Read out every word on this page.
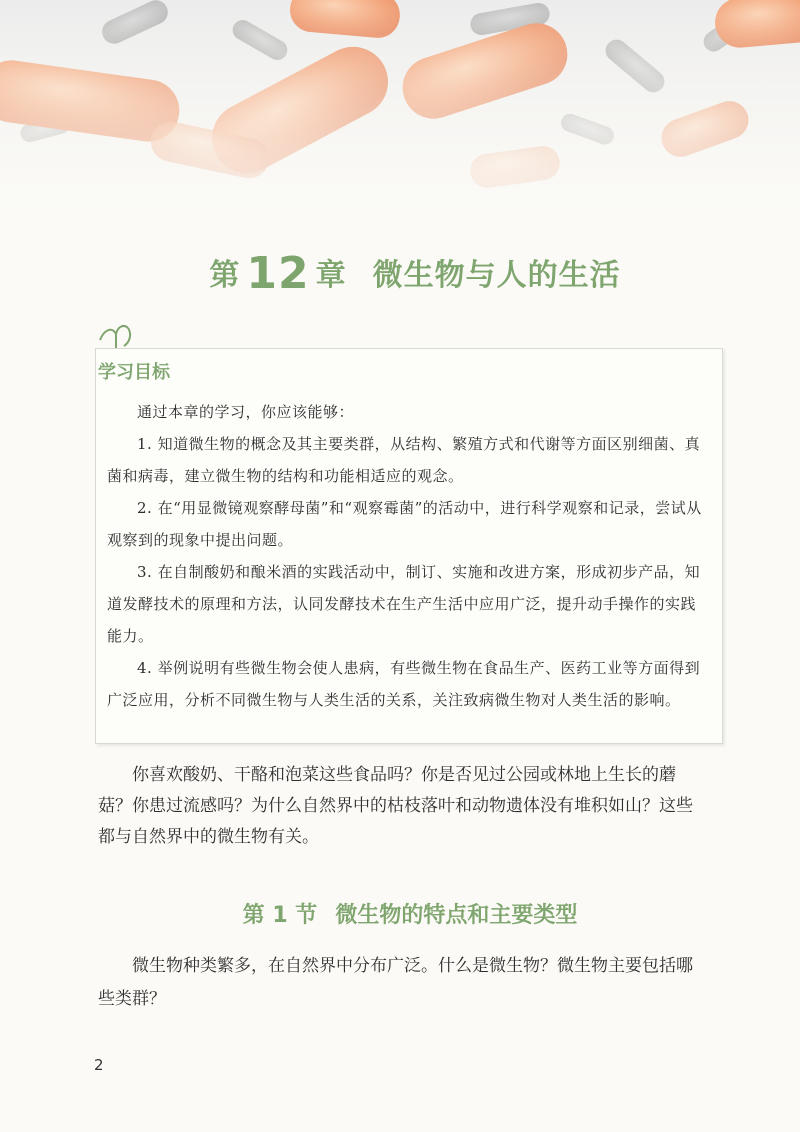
第 12 章 微生物与人的生活
学习目标

通过本章的学习，你应该能够：

1. 知道微生物的概念及其主要类群，从结构、繁殖方式和代谢等方面区别细菌、真菌和病毒，建立微生物的结构和功能相适应的观念。

2. 在“用显微镜观察酵母菌”和“观察霉菌”的活动中，进行科学观察和记录，尝试从观察到的现象中提出问题。

3. 在自制酸奶和酿米酒的实践活动中，制订、实施和改进方案，形成初步产品，知道发酵技术的原理和方法，认同发酵技术在生产生活中应用广泛，提升动手操作的实践能力。

4. 举例说明有些微生物会使人患病，有些微生物在食品生产、医药工业等方面得到广泛应用，分析不同微生物与人类生活的关系，关注致病微生物对人类生活的影响。

你喜欢酸奶、干酪和泡菜这些食品吗？你是否见过公园或林地上生长的蘑菇？你患过流感吗？为什么自然界中的枯枝落叶和动物遗体没有堆积如山？这些都与自然界中的微生物有关。

第 1 节 微生物的特点和主要类型

微生物种类繁多，在自然界中分布广泛。什么是微生物？微生物主要包括哪些类群？

2
